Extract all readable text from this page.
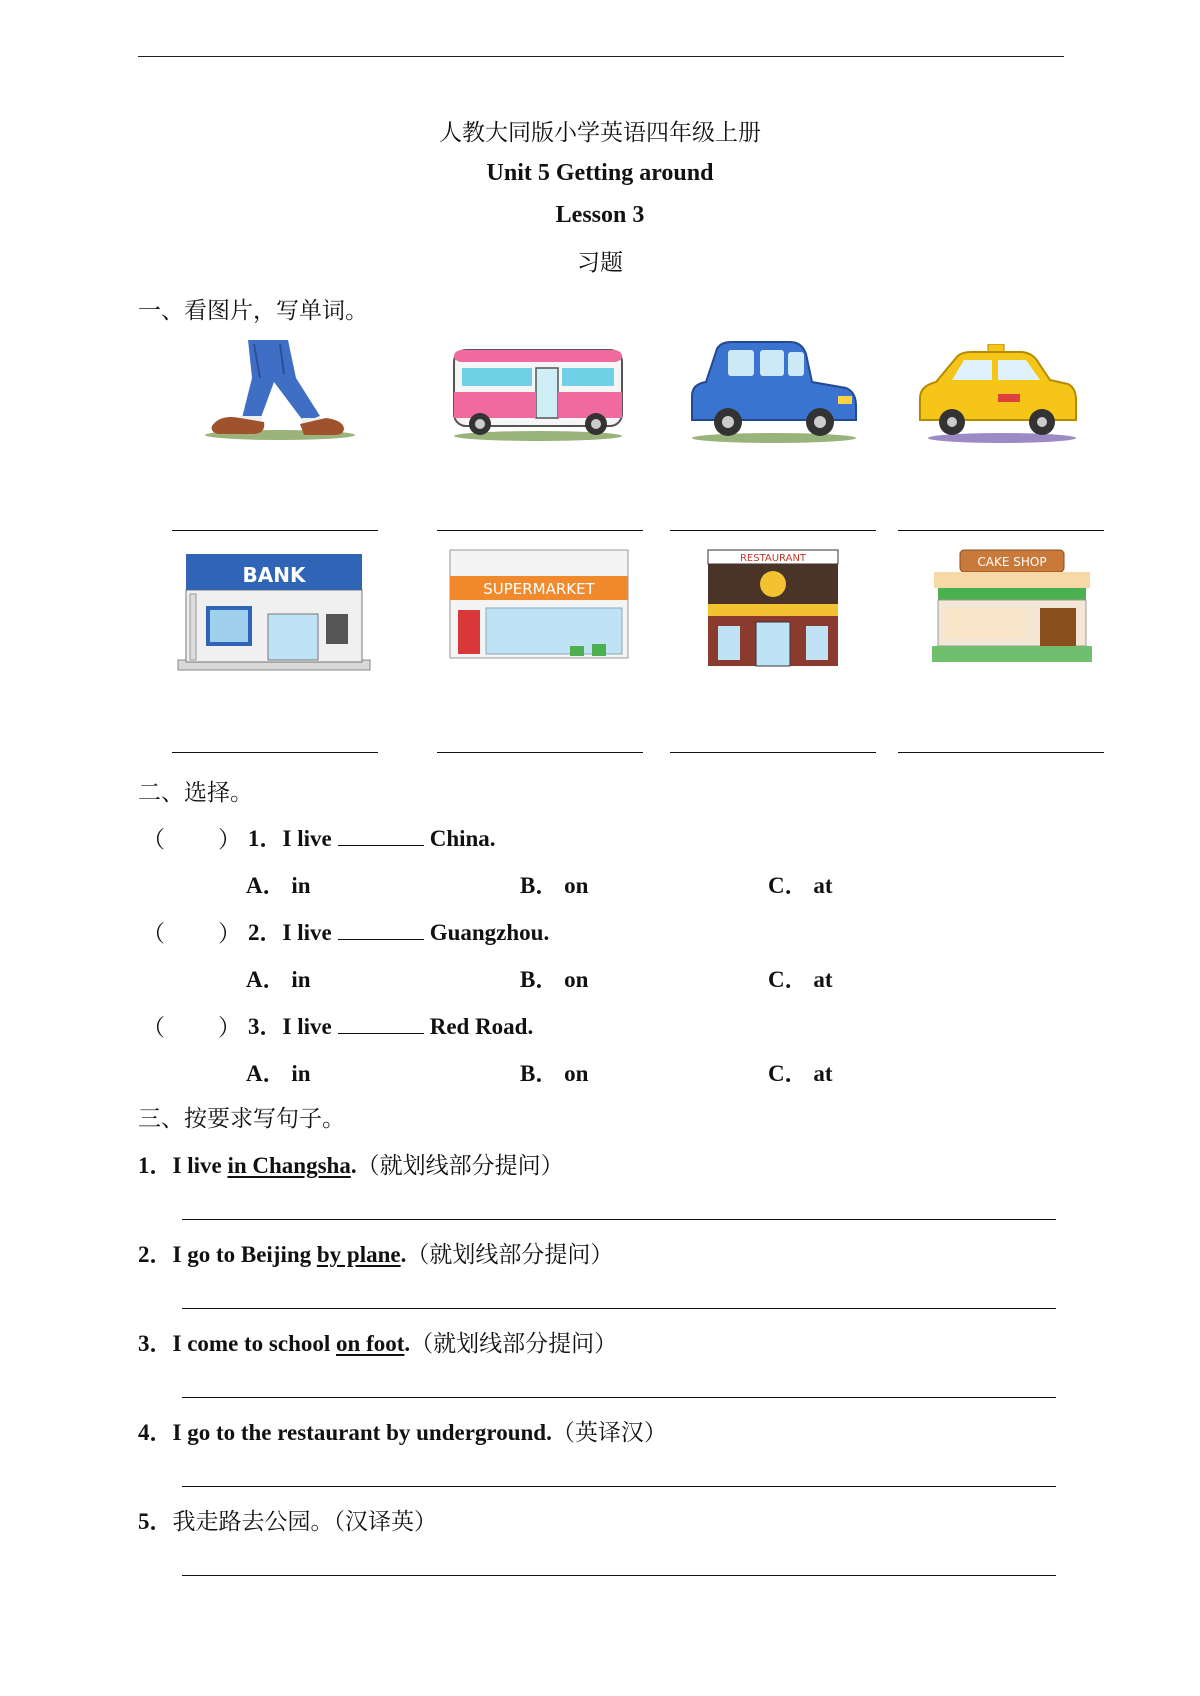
人教大同版小学英语四年级上册
Unit 5 Getting around
Lesson 3
习题
一、看图片，写单词。
BANK
SUPERMARKET
RESTAURANT	CAKE SHOP
二、选择。
（ ） 1．I live	China.
A． in	B． on	C． at
（ ） 2．I live	Guangzhou.
A． in	B． on	C． at
（ ） 3．I live	Red Road.
A． in	B． on	C． at
三、按要求写句子。
1．I live in Changsha.（就划线部分提问）
2．I go to Beijing by plane.（就划线部分提问）
3．I come to school on foot.（就划线部分提问）
4．I go to the restaurant by underground.（英译汉）
5．我走路去公园。（汉译英）
